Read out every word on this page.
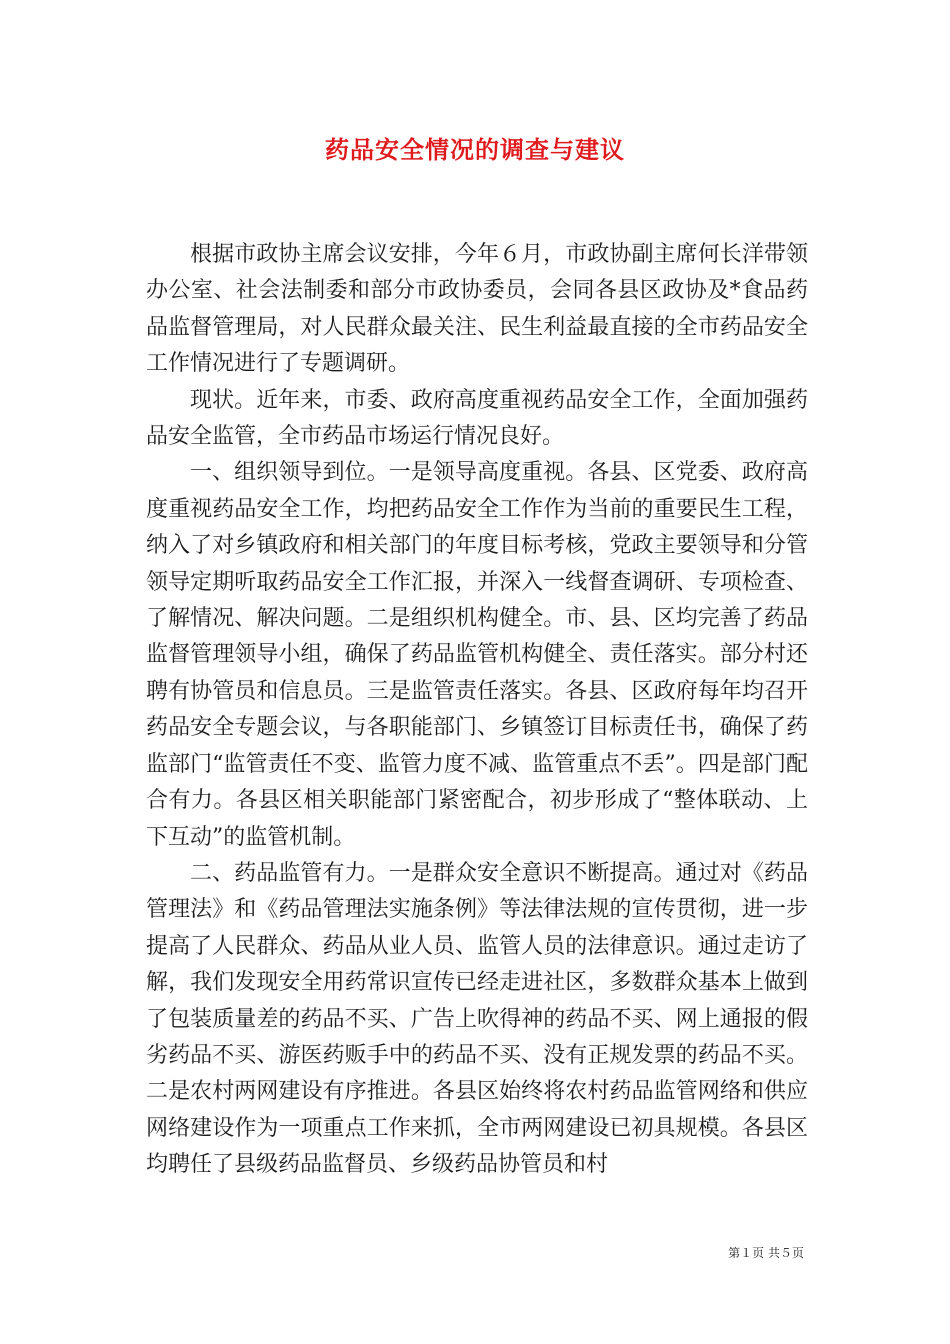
药品安全情况的调查与建议

根据市政协主席会议安排，今年６月，市政协副主席何长洋带领办公室、社会法制委和部分市政协委员，会同各县区政协及*食品药品监督管理局，对人民群众最关注、民生利益最直接的全市药品安全工作情况进行了专题调研。

现状。近年来，市委、政府高度重视药品安全工作，全面加强药品安全监管，全市药品市场运行情况良好。

一、组织领导到位。一是领导高度重视。各县、区党委、政府高度重视药品安全工作，均把药品安全工作作为当前的重要民生工程，纳入了对乡镇政府和相关部门的年度目标考核，党政主要领导和分管领导定期听取药品安全工作汇报，并深入一线督查调研、专项检查、了解情况、解决问题。二是组织机构健全。市、县、区均完善了药品监督管理领导小组，确保了药品监管机构健全、责任落实。部分村还聘有协管员和信息员。三是监管责任落实。各县、区政府每年均召开药品安全专题会议，与各职能部门、乡镇签订目标责任书，确保了药监部门“监管责任不变、监管力度不减、监管重点不丢”。四是部门配合有力。各县区相关职能部门紧密配合，初步形成了“整体联动、上下互动”的监管机制。

二、药品监管有力。一是群众安全意识不断提高。通过对《药品管理法》和《药品管理法实施条例》等法律法规的宣传贯彻，进一步提高了人民群众、药品从业人员、监管人员的法律意识。通过走访了解，我们发现安全用药常识宣传已经走进社区，多数群众基本上做到了包装质量差的药品不买、广告上吹得神的药品不买、网上通报的假劣药品不买、游医药贩手中的药品不买、没有正规发票的药品不买。二是农村两网建设有序推进。各县区始终将农村药品监管网络和供应网络建设作为一项重点工作来抓，全市两网建设已初具规模。各县区均聘任了县级药品监督员、乡级药品协管员和村

第１页 共５页
